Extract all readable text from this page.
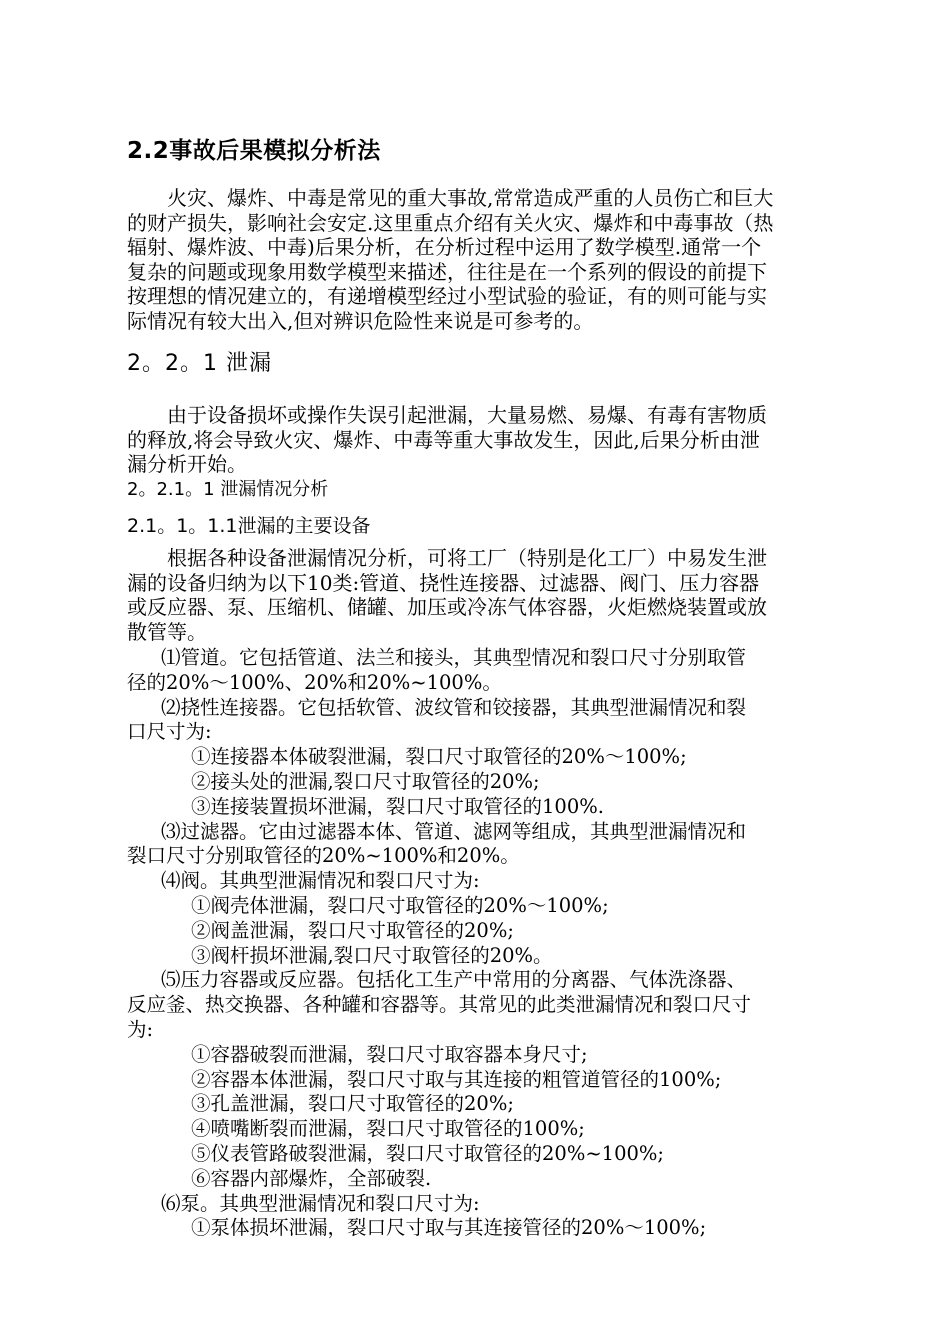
2.2事故后果模拟分析法

　　火灾、爆炸、中毒是常见的重大事故,常常造成严重的人员伤亡和巨大

的财产损失，影响社会安定.这里重点介绍有关火灾、爆炸和中毒事故（热

辐射、爆炸波、中毒)后果分析，在分析过程中运用了数学模型.通常一个

复杂的问题或现象用数学模型来描述，往往是在一个系列的假设的前提下

按理想的情况建立的，有递增模型经过小型试验的验证，有的则可能与实

际情况有较大出入,但对辨识危险性来说是可参考的。

2。2。1 泄漏

　　由于设备损坏或操作失误引起泄漏，大量易燃、易爆、有毒有害物质

的释放,将会导致火灾、爆炸、中毒等重大事故发生，因此,后果分析由泄

漏分析开始。

2。2.1。1 泄漏情况分析
2.1。1。1.1泄漏的主要设备

　　根据各种设备泄漏情况分析，可将工厂（特别是化工厂）中易发生泄

漏的设备归纳为以下10类:管道、挠性连接器、过滤器、阀门、压力容器

或反应器、泵、压缩机、储罐、加压或冷冻气体容器，火炬燃烧装置或放

散管等。

⑴管道。它包括管道、法兰和接头，其典型情况和裂口尺寸分别取管
径的20%～100%、20%和20%~100%。
⑵挠性连接器。它包括软管、波纹管和铰接器，其典型泄漏情况和裂
口尺寸为:
①连接器本体破裂泄漏，裂口尺寸取管径的20%～100%;
②接头处的泄漏,裂口尺寸取管径的20%;
③连接装置损坏泄漏，裂口尺寸取管径的100%.
⑶过滤器。它由过滤器本体、管道、滤网等组成，其典型泄漏情况和
裂口尺寸分别取管径的20%~100%和20%。
⑷阀。其典型泄漏情况和裂口尺寸为:
①阀壳体泄漏，裂口尺寸取管径的20%～100%;
②阀盖泄漏，裂口尺寸取管径的20%;
③阀杆损坏泄漏,裂口尺寸取管径的20%。
⑸压力容器或反应器。包括化工生产中常用的分离器、气体洗涤器、
反应釜、热交换器、各种罐和容器等。其常见的此类泄漏情况和裂口尺寸
为:
①容器破裂而泄漏，裂口尺寸取容器本身尺寸;
②容器本体泄漏，裂口尺寸取与其连接的粗管道管径的100%;
③孔盖泄漏，裂口尺寸取管径的20%;
④喷嘴断裂而泄漏，裂口尺寸取管径的100%;
⑤仪表管路破裂泄漏，裂口尺寸取管径的20%~100%;
⑥容器内部爆炸，全部破裂.
⑹泵。其典型泄漏情况和裂口尺寸为:
①泵体损坏泄漏，裂口尺寸取与其连接管径的20%～100%;
